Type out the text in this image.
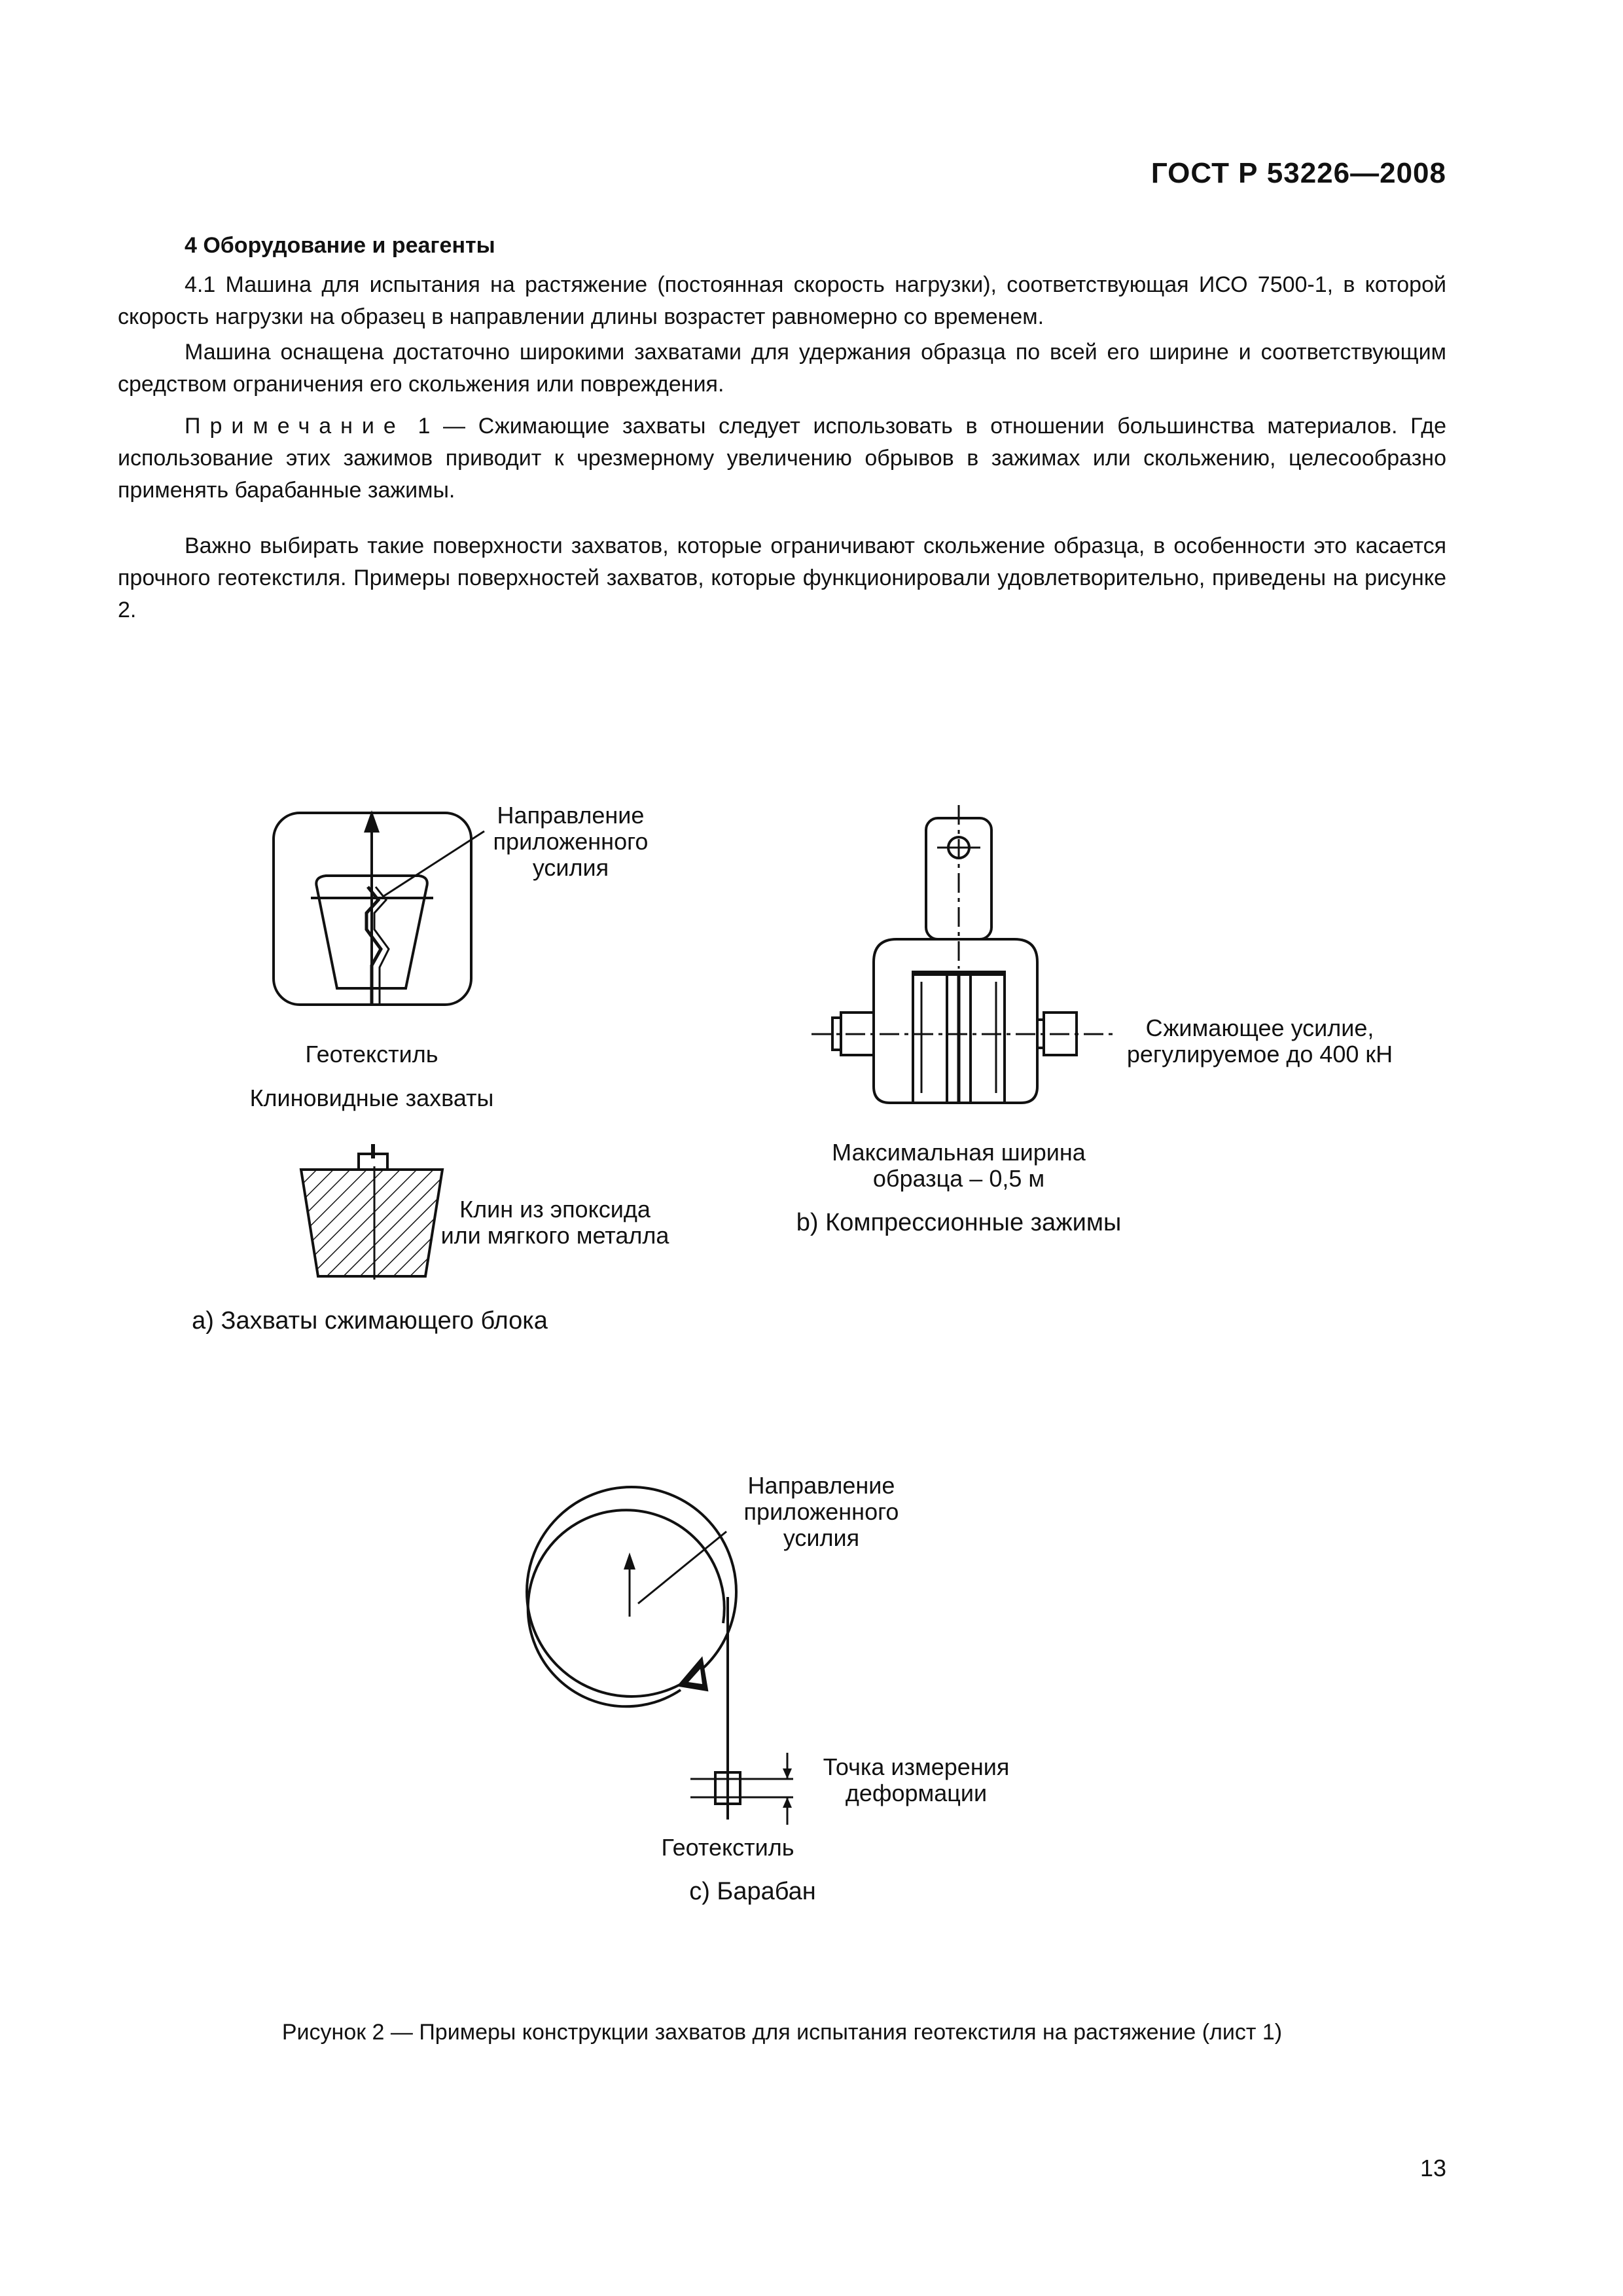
ГОСТ Р 53226—2008
4 Оборудование и реагенты
4.1 Машина для испытания на растяжение (постоянная скорость нагрузки), соответствующая ИСО 7500-1, в которой скорость нагрузки на образец в направлении длины возрастет равномерно со временем.
Машина оснащена достаточно широкими захватами для удержания образца по всей его ширине и соответствующим средством ограничения его скольжения или повреждения.
Примечание 1 — Сжимающие захваты следует использовать в отношении большинства материалов. Где использование этих зажимов приводит к чрезмерному увеличению обрывов в зажимах или скольжению, целесообразно применять барабанные зажимы.
Важно выбирать такие поверхности захватов, которые ограничивают скольжение образца, в особенности это касается прочного геотекстиля. Примеры поверхностей захватов, которые функционировали удовлетворительно, приведены на рисунке 2.
Направление
приложенного
усилия
Геотекстиль
Клиновидные захваты
Клин из эпоксида
или мягкого металла
а) Захваты сжимающего блока
Сжимающее усилие,
регулируемое до 400 кН
Максимальная ширина
образца – 0,5 м
b) Компрессионные зажимы
Направление
приложенного
усилия
Точка измерения
деформации
Геотекстиль
с) Барабан
Рисунок 2 — Примеры конструкции захватов для испытания геотекстиля на растяжение (лист 1)
13
